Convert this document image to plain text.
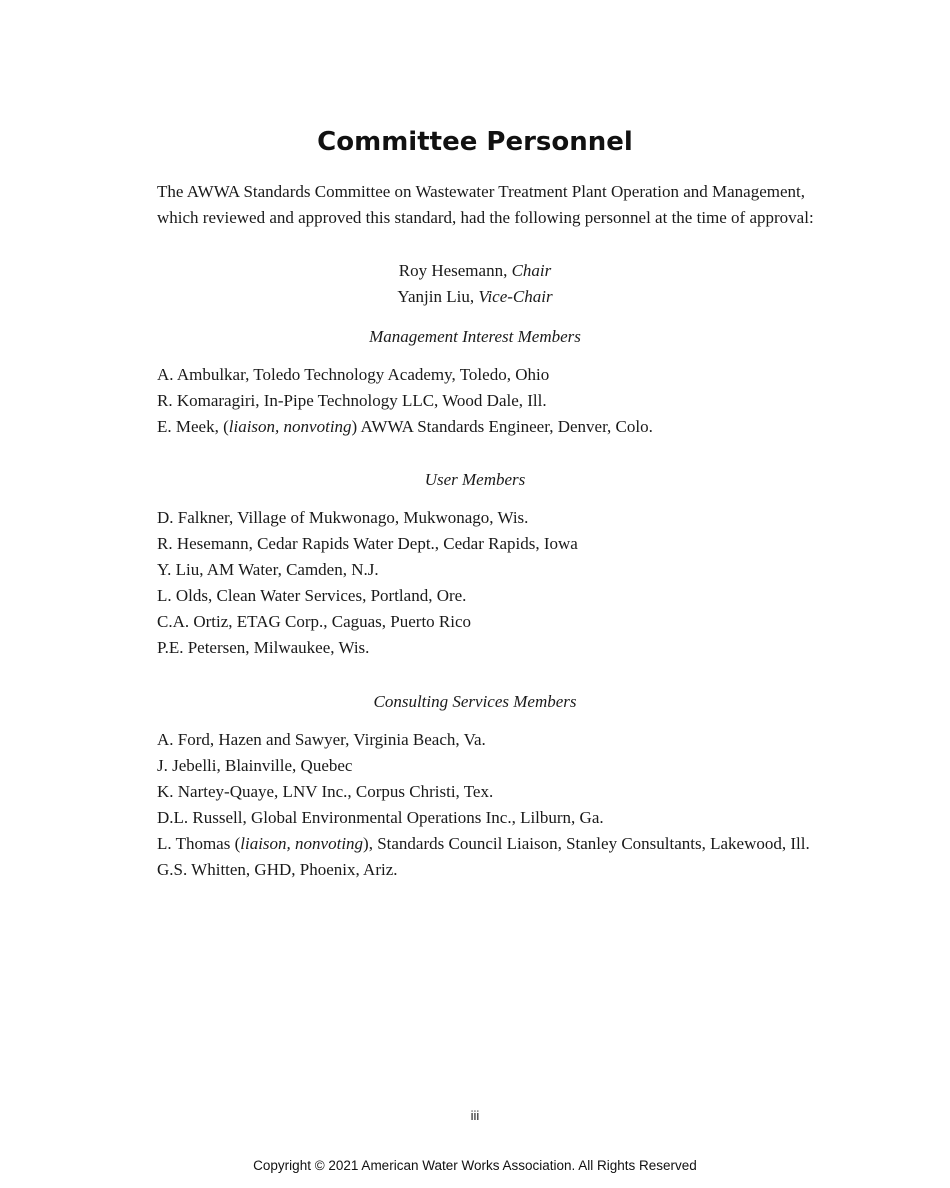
Committee Personnel

The AWWA Standards Committee on Wastewater Treatment Plant Operation and Management,
which reviewed and approved this standard, had the following personnel at the time of approval:

Roy Hesemann, Chair
Yanjin Liu, Vice-Chair
Management Interest Members
A. Ambulkar, Toledo Technology Academy, Toledo, Ohio
R. Komaragiri, In-Pipe Technology LLC, Wood Dale, Ill.
E. Meek, (liaison, nonvoting) AWWA Standards Engineer, Denver, Colo.
User Members
D. Falkner, Village of Mukwonago, Mukwonago, Wis.
R. Hesemann, Cedar Rapids Water Dept., Cedar Rapids, Iowa
Y. Liu, AM Water, Camden, N.J.
L. Olds, Clean Water Services, Portland, Ore.
C.A. Ortiz, ETAG Corp., Caguas, Puerto Rico
P.E. Petersen, Milwaukee, Wis.
Consulting Services Members
A. Ford, Hazen and Sawyer, Virginia Beach, Va.
J. Jebelli, Blainville, Quebec
K. Nartey-Quaye, LNV Inc., Corpus Christi, Tex.
D.L. Russell, Global Environmental Operations Inc., Lilburn, Ga.
L. Thomas (liaison, nonvoting), Standards Council Liaison, Stanley Consultants, Lakewood, Ill.
G.S. Whitten, GHD, Phoenix, Ariz.
iii
Copyright © 2021 American Water Works Association. All Rights Reserved
